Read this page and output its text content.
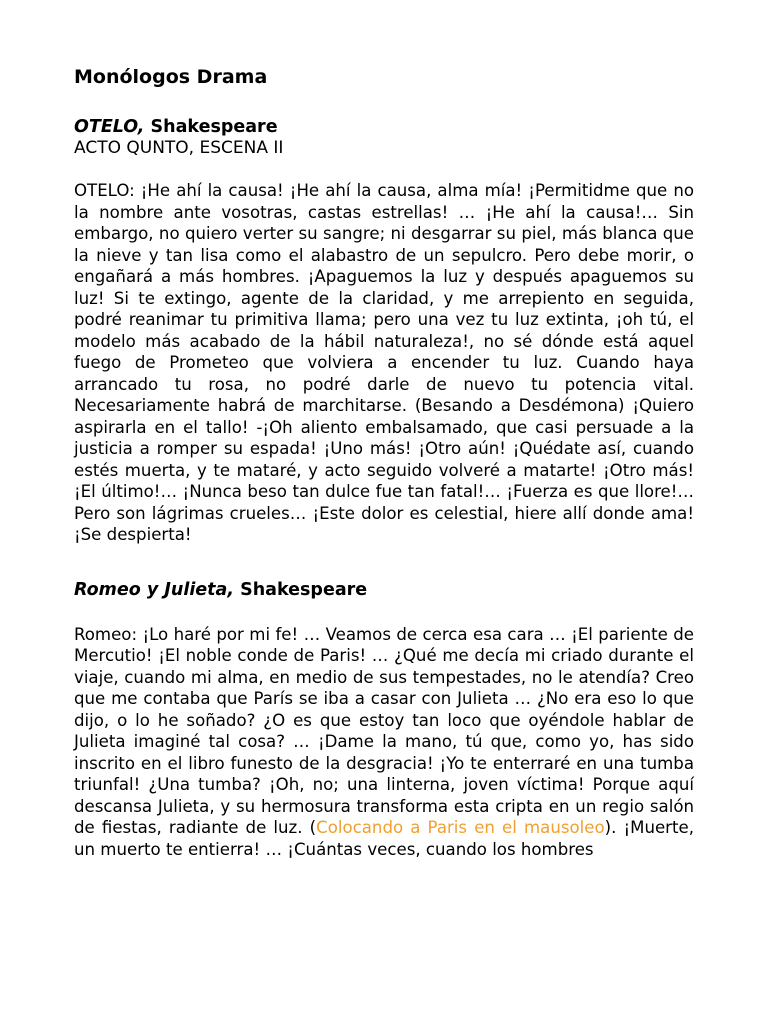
Monólogos Drama

OTELO, Shakespeare

ACTO QUNTO, ESCENA II

OTELO: ¡He ahí la causa! ¡He ahí la causa, alma mía! ¡Permitidme que no la nombre ante vosotras, castas estrellas! … ¡He ahí la causa!… Sin embargo, no quiero verter su sangre; ni desgarrar su piel, más blanca que la nieve y tan lisa como el alabastro de un sepulcro. Pero debe morir, o engañará a más hombres. ¡Apaguemos la luz y después apaguemos su luz! Si te extingo, agente de la claridad, y me arrepiento en seguida, podré reanimar tu primitiva llama; pero una vez tu luz extinta, ¡oh tú, el modelo más acabado de la hábil naturaleza!, no sé dónde está aquel fuego de Prometeo que volviera a encender tu luz. Cuando haya arrancado tu rosa, no podré darle de nuevo tu potencia vital. Necesariamente habrá de marchitarse. (Besando a Desdémona) ¡Quiero aspirarla en el tallo! -¡Oh aliento embalsamado, que casi persuade a la justicia a romper su espada! ¡Uno más! ¡Otro aún! ¡Quédate así, cuando estés muerta, y te mataré, y acto seguido volveré a matarte! ¡Otro más! ¡El último!… ¡Nunca beso tan dulce fue tan fatal!… ¡Fuerza es que llore!… Pero son lágrimas crueles… ¡Este dolor es celestial, hiere allí donde ama! ¡Se despierta!

Romeo y Julieta, Shakespeare

Romeo: ¡Lo haré por mi fe! … Veamos de cerca esa cara … ¡El pariente de Mercutio! ¡El noble conde de Paris! … ¿Qué me decía mi criado durante el viaje, cuando mi alma, en medio de sus tempestades, no le atendía? Creo que me contaba que París se iba a casar con Julieta … ¿No era eso lo que dijo, o lo he soñado? ¿O es que estoy tan loco que oyéndole hablar de Julieta imaginé tal cosa? … ¡Dame la mano, tú que, como yo, has sido inscrito en el libro funesto de la desgracia! ¡Yo te enterraré en una tumba triunfal! ¿Una tumba? ¡Oh, no; una linterna, joven víctima! Porque aquí descansa Julieta, y su hermosura transforma esta cripta en un regio salón de fiestas, radiante de luz. (Colocando a Paris en el mausoleo). ¡Muerte, un muerto te entierra! … ¡Cuántas veces, cuando los hombres
